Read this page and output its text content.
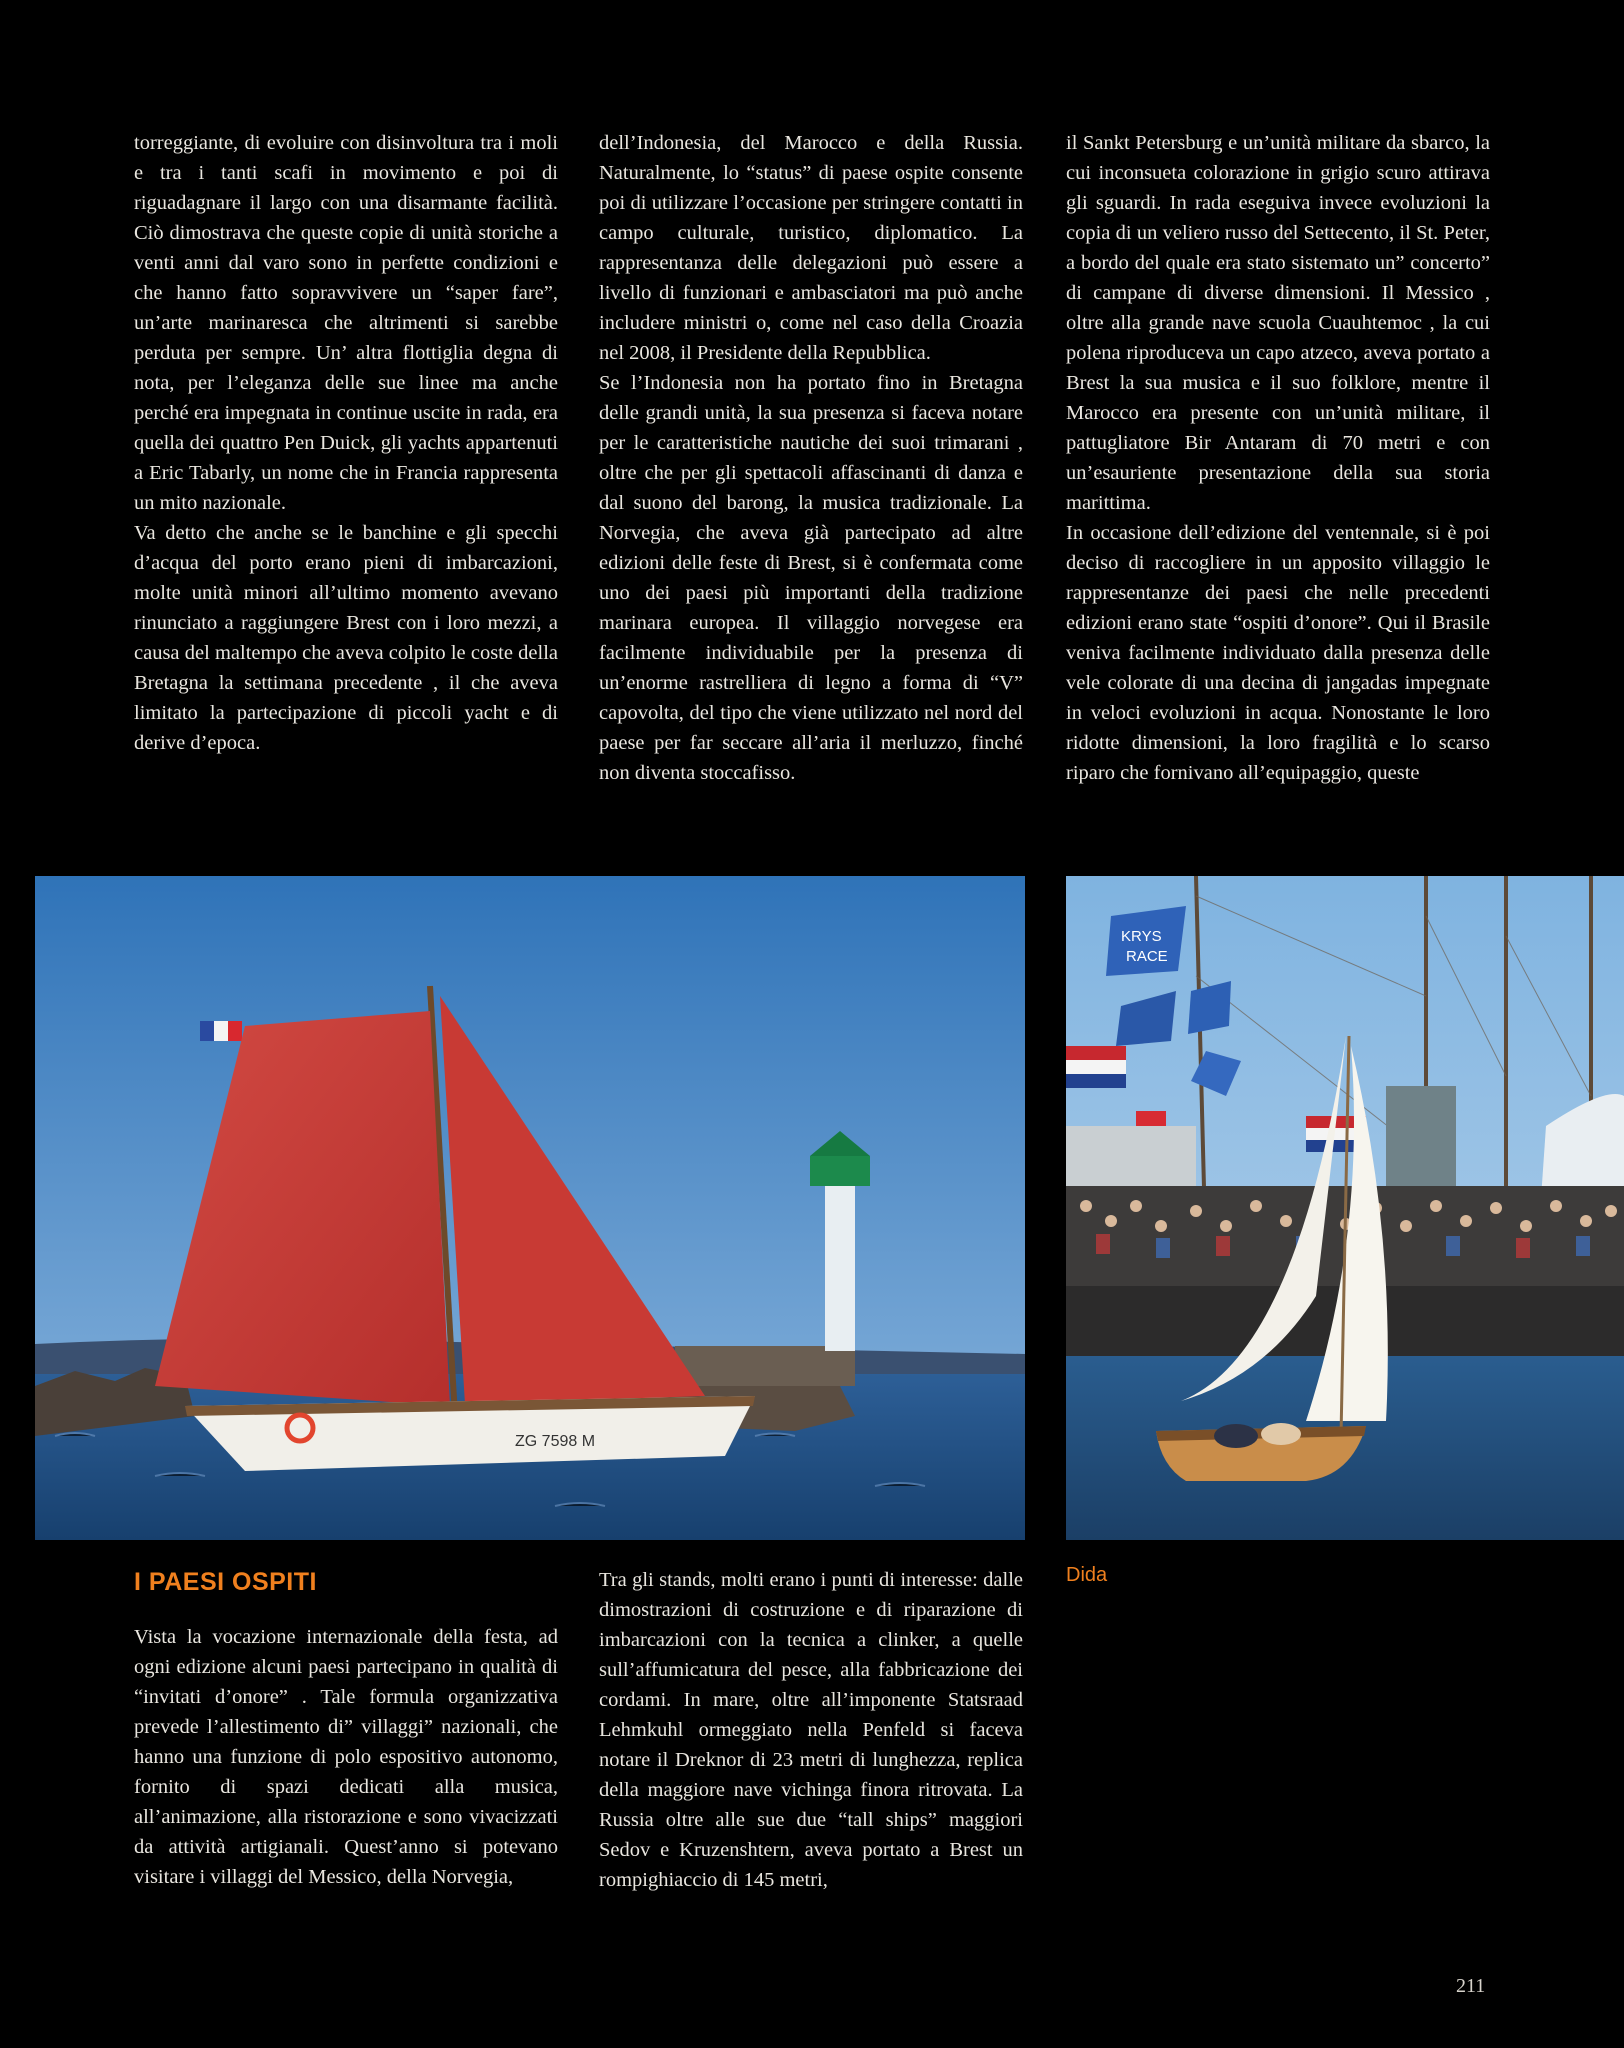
torreggiante, di evoluire con disinvoltura tra i moli e tra i tanti scafi in movimento e poi di riguadagnare il largo con una disarmante facilità. Ciò dimostrava che queste copie di unità storiche a venti anni dal varo sono in perfette condizioni e che hanno fatto sopravvivere un “saper fare”, un’arte marinaresca che altrimenti si sarebbe perduta per sempre. Un’ altra flottiglia degna di nota, per l’eleganza delle sue linee ma anche perché era impegnata in continue uscite in rada, era quella dei quattro Pen Duick, gli yachts appartenuti a Eric Tabarly, un nome che in Francia rappresenta un mito nazionale.

Va detto che anche se le banchine e gli specchi d’acqua del porto erano pieni di imbarcazioni, molte unità minori all’ultimo momento avevano rinunciato a raggiungere Brest con i loro mezzi, a causa del maltempo che aveva colpito le coste della Bretagna la settimana precedente , il che aveva limitato la partecipazione di piccoli yacht e di derive d’epoca.

dell’Indonesia, del Marocco e della Russia. Naturalmente, lo “status” di paese ospite consente poi di utilizzare l’occasione per stringere contatti in campo culturale, turistico, diplomatico. La rappresentanza delle delegazioni può essere a livello di funzionari e ambasciatori ma può anche includere ministri o, come nel caso della Croazia nel 2008, il Presidente della Repubblica.

Se l’Indonesia non ha portato fino in Bretagna delle grandi unità, la sua presenza si faceva notare per le caratteristiche nautiche dei suoi trimarani , oltre che per gli spettacoli affascinanti di danza e dal suono del barong, la musica tradizionale. La Norvegia, che aveva già partecipato ad altre edizioni delle feste di Brest, si è confermata come uno dei paesi più importanti della tradizione marinara europea. Il villaggio norvegese era facilmente individuabile per la presenza di un’enorme rastrelliera di legno a forma di “V” capovolta, del tipo che viene utilizzato nel nord del paese per far seccare all’aria il merluzzo, finché non diventa stoccafisso.

il Sankt Petersburg e un’unità militare da sbarco, la cui inconsueta colorazione in grigio scuro attirava gli sguardi. In rada eseguiva invece evoluzioni la copia di un veliero russo del Settecento, il St. Peter, a bordo del quale era stato sistemato un” concerto” di campane di diverse dimensioni. Il Messico , oltre alla grande nave scuola Cuauhtemoc , la cui polena riproduceva un capo atzeco, aveva portato a Brest la sua musica e il suo folklore, mentre il Marocco era presente con un’unità militare, il pattugliatore Bir Antaram di 70 metri e con un’esauriente presentazione della sua storia marittima.

In occasione dell’edizione del ventennale, si è poi deciso di raccogliere in un apposito villaggio le rappresentanze dei paesi che nelle precedenti edizioni erano state “ospiti d’onore”. Qui il Brasile veniva facilmente individuato dalla presenza delle vele colorate di una decina di jangadas impegnate in veloci evoluzioni in acqua. Nonostante le loro ridotte dimensioni, la loro fragilità e lo scarso riparo che fornivano all’equipaggio, queste

ZG 7598 M
KRYS
RACE
I PAESI OSPITI	Dida

Vista la vocazione internazionale della festa, ad ogni edizione alcuni paesi partecipano in qualità di “invitati d’onore” . Tale formula organizzativa prevede l’allestimento di” villaggi” nazionali, che hanno una funzione di polo espositivo autonomo, fornito di spazi dedicati alla musica, all’animazione, alla ristorazione e sono vivacizzati da attività artigianali. Quest’anno si potevano visitare i villaggi del Messico, della Norvegia,

Tra gli stands, molti erano i punti di interesse: dalle dimostrazioni di costruzione e di riparazione di imbarcazioni con la tecnica a clinker, a quelle sull’affumicatura del pesce, alla fabbricazione dei cordami. In mare, oltre all’imponente Statsraad Lehmkuhl ormeggiato nella Penfeld si faceva notare il Dreknor di 23 metri di lunghezza, replica della maggiore nave vichinga finora ritrovata. La Russia oltre alle sue due “tall ships” maggiori Sedov e Kruzenshtern, aveva portato a Brest un rompighiaccio di 145 metri,

211
